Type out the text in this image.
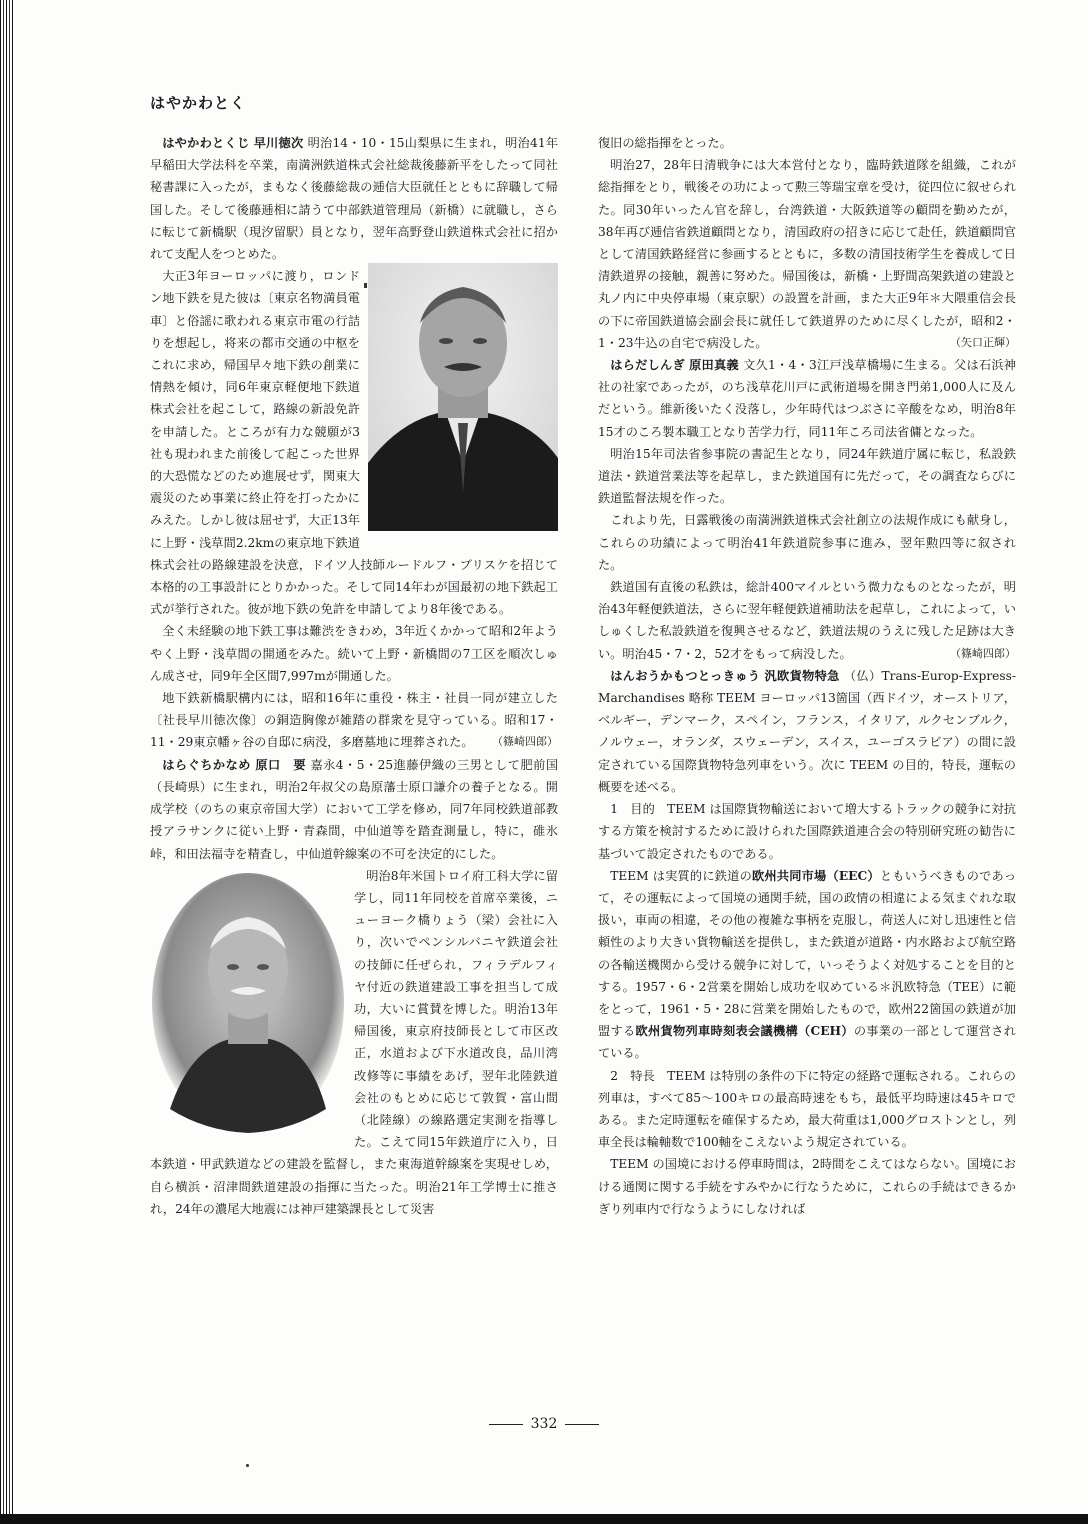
はやかわとく

はやかわとくじ 早川徳次 明治14・10・15山梨県に生まれ，明治41年早稲田大学法科を卒業，南満洲鉄道株式会社総裁後藤新平をしたって同社秘書課に入ったが，まもなく後藤総裁の逓信大臣就任とともに辞職して帰国した。そして後藤逓相に請うて中部鉄道管理局（新橋）に就職し，さらに転じて新橋駅（現汐留駅）員となり，翌年高野登山鉄道株式会社に招かれて支配人をつとめた。

大正3年ヨーロッパに渡り，ロンドン地下鉄を見た彼は〔東京名物満員電車〕と俗謡に歌われる東京市電の行詰りを想起し，将来の都市交通の中枢をこれに求め，帰国早々地下鉄の創業に情熱を傾け，同6年東京軽便地下鉄道株式会社を起こして，路線の新設免許を申請した。ところが有力な競願が3社も現われまた前後して起こった世界的大恐慌などのため進展せず，関東大震災のため事業に終止符を打ったかにみえた。しかし彼は屈せず，大正13年に上野・浅草間2.2kmの東京地下鉄道株式会社の路線建設を決意，ドイツ人技師ルードルフ・ブリスケを招じて本格的の工事設計にとりかかった。そして同14年わが国最初の地下鉄起工式が挙行された。彼が地下鉄の免許を申請してより8年後である。

全く未経験の地下鉄工事は難渋をきわめ，3年近くかかって昭和2年ようやく上野・浅草間の開通をみた。続いて上野・新橋間の7工区を順次しゅん成させ，同9年全区間7,997mが開通した。

地下鉄新橋駅構内には，昭和16年に重役・株主・社員一同が建立した〔社長早川徳次像〕の銅造胸像が雑踏の群衆を見守っている。昭和17・11・29東京幡ヶ谷の自邸に病没，多磨墓地に埋葬された。	（篠崎四郎）

はらぐちかなめ 原口　要 嘉永4・5・25進藤伊織の三男として肥前国（長崎県）に生まれ，明治2年叔父の島原藩士原口謙介の養子となる。開成学校（のちの東京帝国大学）において工学を修め，同7年同校鉄道部教授アラサンクに従い上野・青森間，中仙道等を踏査測量し，特に，碓氷峠，和田法福寺を精査し，中仙道幹線案の不可を決定的にした。

明治8年米国トロイ府工科大学に留学し，同11年同校を首席卒業後，ニューヨーク橋りょう（梁）会社に入り，次いでペンシルバニヤ鉄道会社の技師に任ぜられ，フィラデルフィヤ付近の鉄道建設工事を担当して成功，大いに賞賛を博した。明治13年帰国後，東京府技師長として市区改正，水道および下水道改良，品川湾改修等に事績をあげ，翌年北陸鉄道会社のもとめに応じて敦賀・富山間（北陸線）の線路選定実測を指導した。こえて同15年鉄道庁に入り，日本鉄道・甲武鉄道などの建設を監督し，また東海道幹線案を実現せしめ，自ら横浜・沼津間鉄道建設の指揮に当たった。明治21年工学博士に推され，24年の濃尾大地震には神戸建築課長として災害

復旧の総指揮をとった。

明治27，28年日清戦争には大本営付となり，臨時鉄道隊を組織，これが総指揮をとり，戦後その功によって勲三等瑞宝章を受け，従四位に叙せられた。同30年いったん官を辞し，台湾鉄道・大阪鉄道等の顧問を勤めたが，38年再び逓信省鉄道顧問となり，清国政府の招きに応じて赴任，鉄道顧問官として清国鉄路経営に参画するとともに，多数の清国技術学生を養成して日清鉄道界の接触，親善に努めた。帰国後は，新橋・上野間高架鉄道の建設と丸ノ内に中央停車場（東京駅）の設置を計画，また大正9年＊大隈重信会長の下に帝国鉄道協会副会長に就任して鉄道界のために尽くしたが，昭和2・1・23牛込の自宅で病没した。	（矢口正輝）

はらだしんぎ 原田真義 文久1・4・3江戸浅草橋場に生まる。父は石浜神社の社家であったが，のち浅草花川戸に武術道場を開き門弟1,000人に及んだという。維新後いたく没落し，少年時代はつぶさに辛酸をなめ，明治8年15才のころ製本職工となり苦学力行，同11年ころ司法省傭となった。

明治15年司法省参事院の書記生となり，同24年鉄道庁属に転じ，私設鉄道法・鉄道営業法等を起草し，また鉄道国有に先だって，その調査ならびに鉄道監督法規を作った。

これより先，日露戦後の南満洲鉄道株式会社創立の法規作成にも献身し，これらの功績によって明治41年鉄道院参事に進み，翌年勲四等に叙された。

鉄道国有直後の私鉄は，総計400マイルという微力なものとなったが，明治43年軽便鉄道法，さらに翌年軽便鉄道補助法を起草し，これによって，いしゅくした私設鉄道を復興させるなど，鉄道法規のうえに残した足跡は大きい。明治45・7・2，52才をもって病没した。	（篠崎四郎）

はんおうかもつとっきゅう 汎欧貨物特急 （仏）Trans-Europ-Express-Marchandises 略称 TEEM ヨーロッパ13箇国（西ドイツ，オーストリア，ベルギー，デンマーク，スペイン，フランス，イタリア，ルクセンブルク，ノルウェー，オランダ，スウェーデン，スイス，ユーゴスラビア）の間に設定されている国際貨物特急列車をいう。次に TEEM の目的，特長，運転の概要を述べる。

1　目的　TEEM は国際貨物輸送において増大するトラックの競争に対抗する方策を検討するために設けられた国際鉄道連合会の特別研究班の勧告に基づいて設定されたものである。

TEEM は実質的に鉄道の欧州共同市場（EEC）ともいうべきものであって，その運転によって国境の通関手続，国の政情の相違による気まぐれな取扱い，車両の相違，その他の複雑な事柄を克服し，荷送人に対し迅速性と信頼性のより大きい貨物輸送を提供し，また鉄道が道路・内水路および航空路の各輸送機関から受ける競争に対して，いっそうよく対処することを目的とする。1957・6・2営業を開始し成功を収めている＊汎欧特急（TEE）に範をとって，1961・5・28に営業を開始したもので，欧州22箇国の鉄道が加盟する欧州貨物列車時刻表会議機構（CEH）の事業の一部として運営されている。

2　特長　TEEM は特別の条件の下に特定の経路で運転される。これらの列車は，すべて85～100キロの最高時速をもち，最低平均時速は45キロである。また定時運転を確保するため，最大荷重は1,000グロストンとし，列車全長は輪軸数で100軸をこえないよう規定されている。

TEEM の国境における停車時間は，2時間をこえてはならない。国境における通関に関する手続をすみやかに行なうために，これらの手続はできるかぎり列車内で行なうようにしなければ

332
